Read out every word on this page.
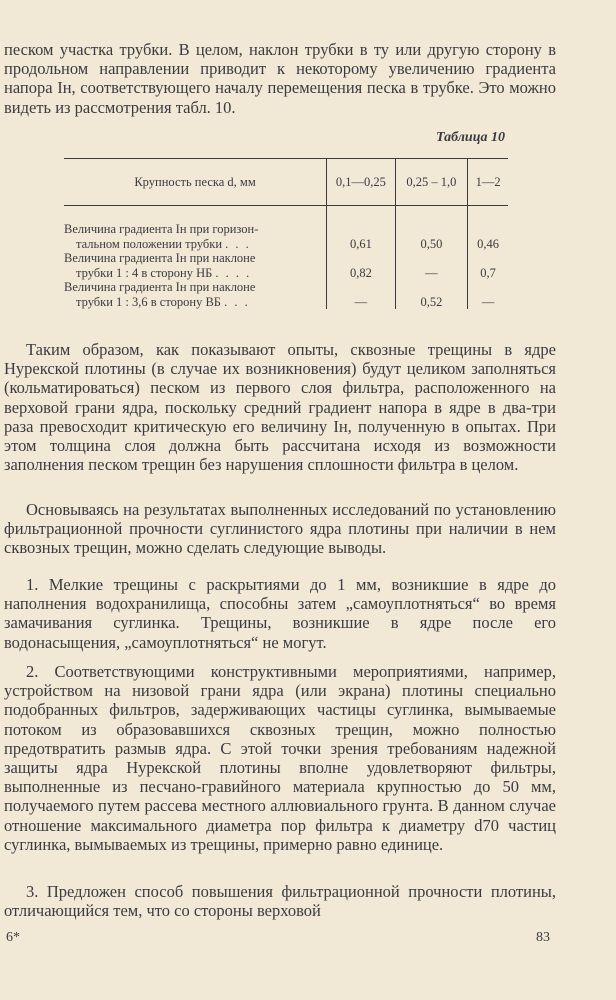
песком участка трубки. В целом, наклон трубки в ту или другую сторону в продольном направлении приводит к некоторому увеличению градиента напора Iн, соответствующего началу перемещения песка в трубке. Это можно видеть из рассмотрения табл. 10.

Таблица 10
Крупность песка d, мм	0,1—0,25	0,25 – 1,0	1—2

Величина градиента Iн при горизон-
тальном положении трубки . . .	0,61	0,50	0,46

Величина градиента Iн при наклоне
трубки 1 : 4 в сторону НБ . . . .	0,82	—	0,7

Величина градиента Iн при наклоне
трубки 1 : 3,6 в сторону ВБ . . .	—	0,52	—

Таким образом, как показывают опыты, сквозные трещины в ядре Нурекской плотины (в случае их возникновения) будут целиком заполняться (кольматироваться) песком из первого слоя фильтра, расположенного на верховой грани ядра, поскольку средний градиент напора в ядре в два-три раза превосходит критическую его величину Iн, полученную в опытах. При этом толщина слоя должна быть рассчитана исходя из возможности заполнения песком трещин без нарушения сплошности фильтра в целом.

Основываясь на результатах выполненных исследований по установлению фильтрационной прочности суглинистого ядра плотины при наличии в нем сквозных трещин, можно сделать следующие выводы.

1. Мелкие трещины с раскрытиями до 1 мм, возникшие в ядре до наполнения водохранилища, способны затем „самоуплотняться“ во время замачивания суглинка. Трещины, возникшие в ядре после его водонасыщения, „самоуплотняться“ не могут.

2. Соответствующими конструктивными мероприятиями, например, устройством на низовой грани ядра (или экрана) плотины специально подобранных фильтров, задерживающих частицы суглинка, вымываемые потоком из образовавшихся сквозных трещин, можно полностью предотвратить размыв ядра. С этой точки зрения требованиям надежной защиты ядра Нурекской плотины вполне удовлетворяют фильтры, выполненные из песчано-гравийного материала крупностью до 50 мм, получаемого путем рассева местного аллювиального грунта. В данном случае отношение максимального диаметра пор фильтра к диаметру d70 частиц суглинка, вымываемых из трещины, примерно равно единице.

3. Предложен способ повышения фильтрационной прочности плотины, отличающийся тем, что со стороны верховой

6*	83
